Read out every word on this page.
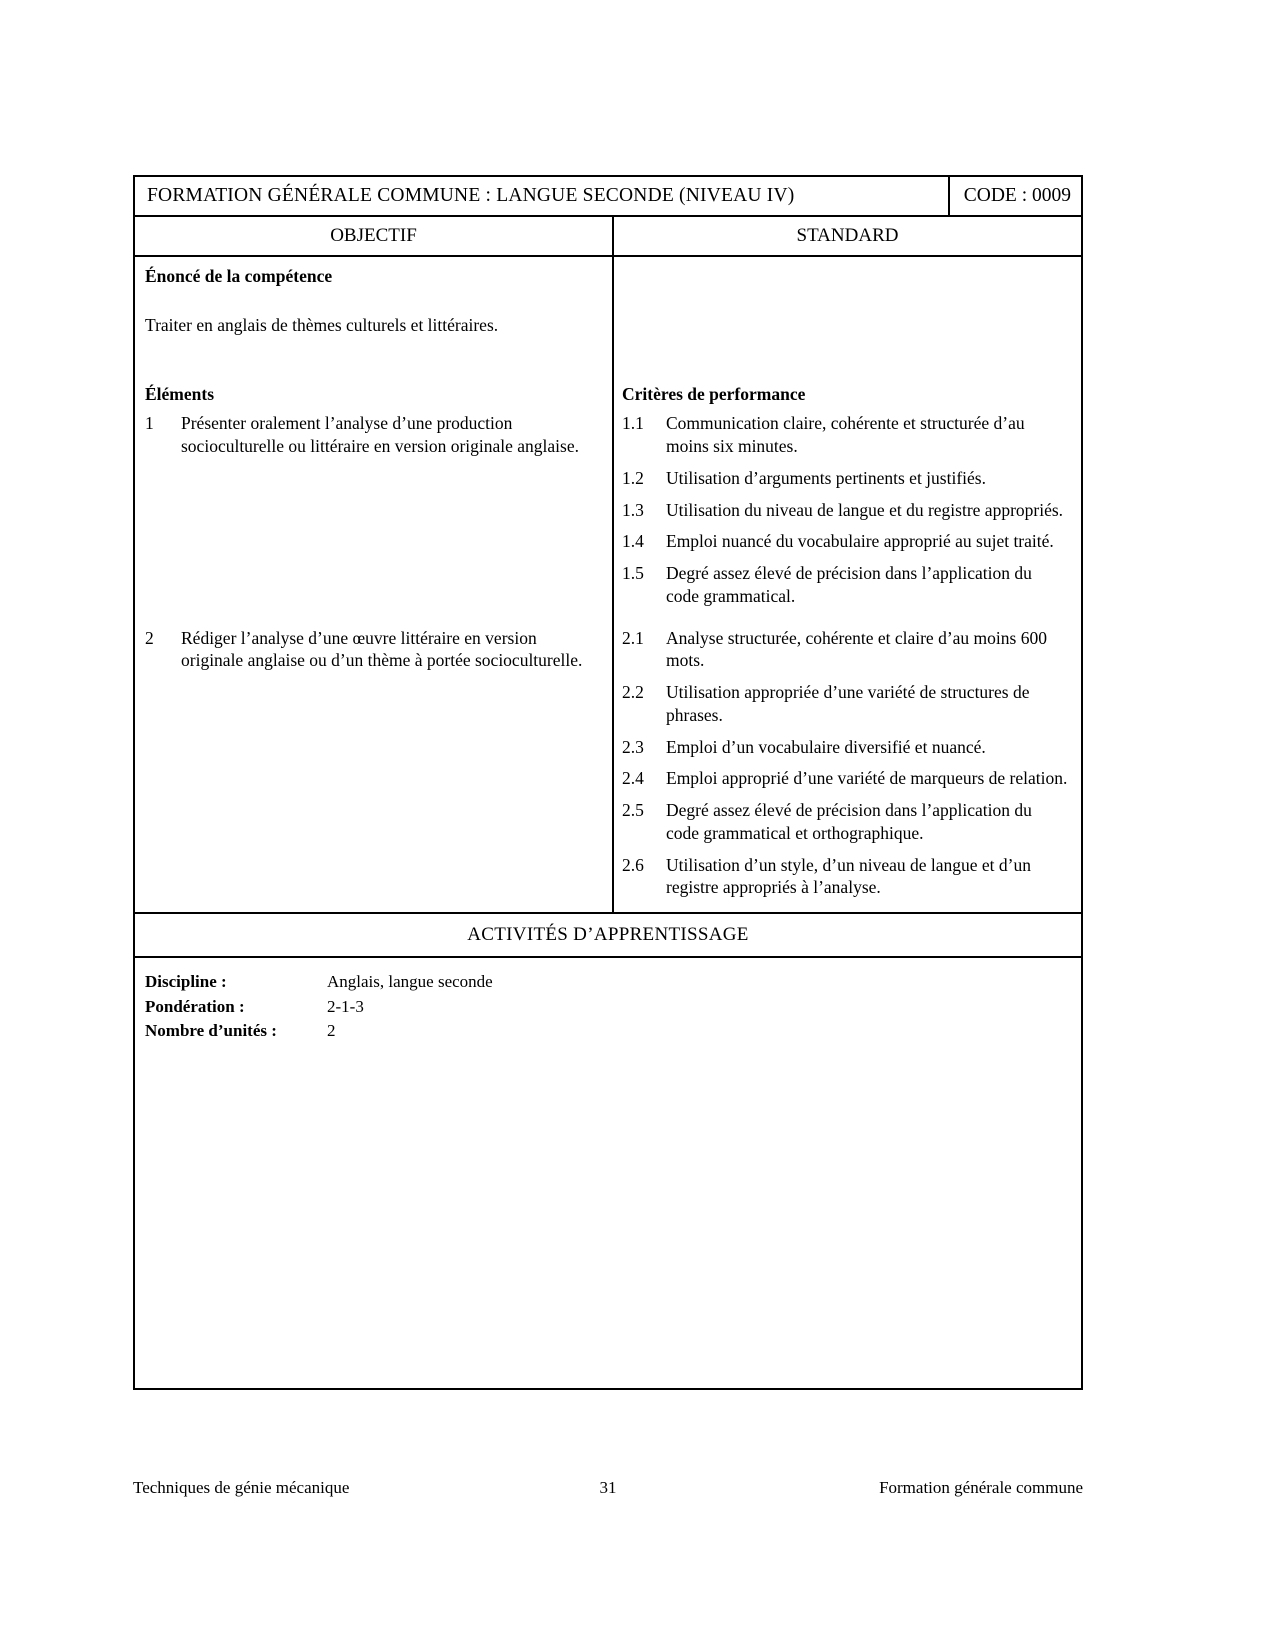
FORMATION GÉNÉRALE COMMUNE : LANGUE SECONDE (NIVEAU IV)	CODE : 0009
OBJECTIF	STANDARD
Énoncé de la compétence
Traiter en anglais de thèmes culturels et littéraires.
Éléments
1	Présenter oralement l’analyse d’une production socioculturelle ou littéraire en version originale anglaise.
Critères de performance
1.1	Communication claire, cohérente et structurée d’au moins six minutes.
1.2	Utilisation d’arguments pertinents et justifiés.
1.3	Utilisation du niveau de langue et du registre appropriés.
1.4	Emploi nuancé du vocabulaire approprié au sujet traité.
1.5	Degré assez élevé de précision dans l’application du code grammatical.
2	Rédiger l’analyse d’une œuvre littéraire en version originale anglaise ou d’un thème à portée socioculturelle.
2.1	Analyse structurée, cohérente et claire d’au moins 600 mots.
2.2	Utilisation appropriée d’une variété de structures de phrases.
2.3	Emploi d’un vocabulaire diversifié et nuancé.
2.4	Emploi approprié d’une variété de marqueurs de relation.
2.5	Degré assez élevé de précision dans l’application du code grammatical et orthographique.
2.6	Utilisation d’un style, d’un niveau de langue et d’un registre appropriés à l’analyse.
ACTIVITÉS D’APPRENTISSAGE
Discipline :	Anglais, langue seconde
Pondération :	2-1-3
Nombre d’unités :	2
Techniques de génie mécanique	31	Formation générale commune
